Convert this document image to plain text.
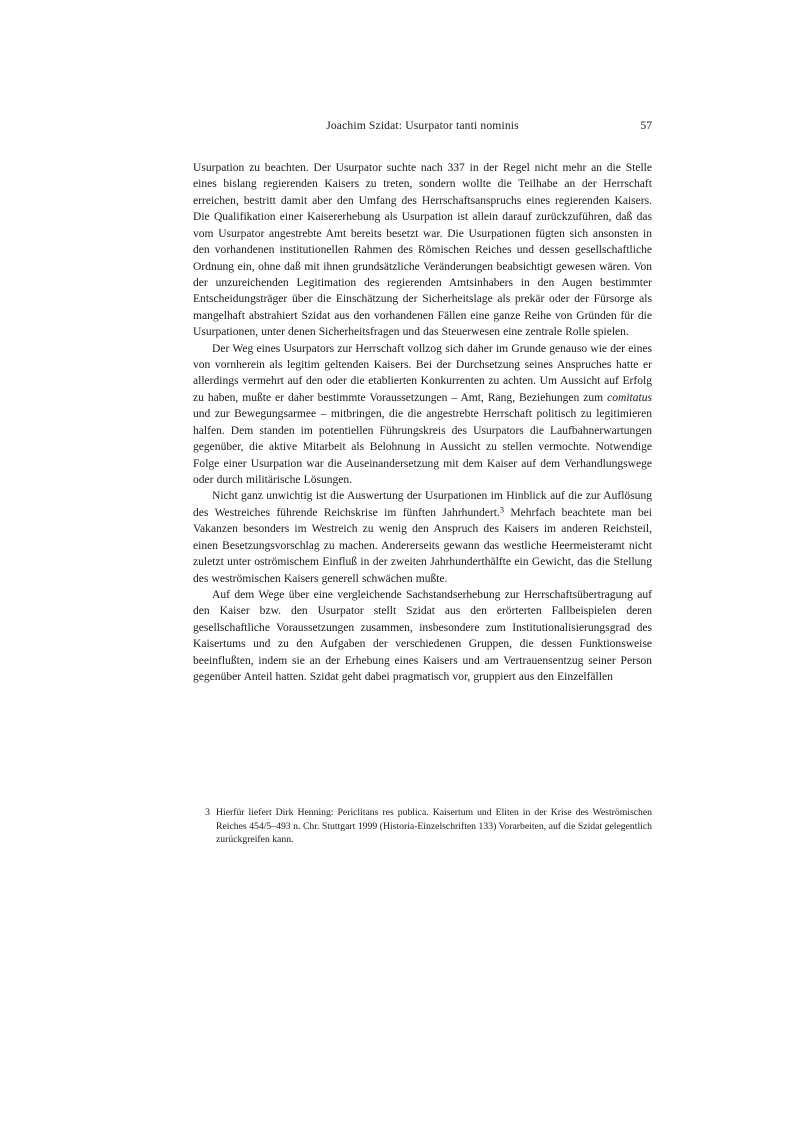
Joachim Szidat: Usurpator tanti nominis	57

Usurpation zu beachten. Der Usurpator suchte nach 337 in der Regel nicht mehr an die Stelle eines bislang regierenden Kaisers zu treten, sondern wollte die Teilhabe an der Herrschaft erreichen, bestritt damit aber den Umfang des Herrschaftsanspruchs eines regierenden Kaisers. Die Qualifikation einer Kaisererhebung als Usurpation ist allein darauf zurückzuführen, daß das vom Usurpator angestrebte Amt bereits besetzt war. Die Usurpationen fügten sich ansonsten in den vorhandenen institutionellen Rahmen des Römischen Reiches und dessen gesellschaftliche Ordnung ein, ohne daß mit ihnen grundsätzliche Veränderungen beabsichtigt gewesen wären. Von der unzureichenden Legitimation des regierenden Amtsinhabers in den Augen bestimmter Entscheidungsträger über die Einschätzung der Sicherheitslage als prekär oder der Fürsorge als mangelhaft abstrahiert Szidat aus den vorhandenen Fällen eine ganze Reihe von Gründen für die Usurpationen, unter denen Sicherheitsfragen und das Steuerwesen eine zentrale Rolle spielen.

Der Weg eines Usurpators zur Herrschaft vollzog sich daher im Grunde genauso wie der eines von vornherein als legitim geltenden Kaisers. Bei der Durchsetzung seines Anspruches hatte er allerdings vermehrt auf den oder die etablierten Konkurrenten zu achten. Um Aussicht auf Erfolg zu haben, mußte er daher bestimmte Voraussetzungen – Amt, Rang, Beziehungen zum comitatus und zur Bewegungsarmee – mitbringen, die die angestrebte Herrschaft politisch zu legitimieren halfen. Dem standen im potentiellen Führungskreis des Usurpators die Laufbahnerwartungen gegenüber, die aktive Mitarbeit als Belohnung in Aussicht zu stellen vermochte. Notwendige Folge einer Usurpation war die Auseinandersetzung mit dem Kaiser auf dem Verhandlungswege oder durch militärische Lösungen.

Nicht ganz unwichtig ist die Auswertung der Usurpationen im Hinblick auf die zur Auflösung des Westreiches führende Reichskrise im fünften Jahrhundert.$^3$ Mehrfach beachtete man bei Vakanzen besonders im Westreich zu wenig den Anspruch des Kaisers im anderen Reichsteil, einen Besetzungsvorschlag zu machen. Andererseits gewann das westliche Heermeisteramt nicht zuletzt unter oströmischem Einfluß in der zweiten Jahrhunderthälfte ein Gewicht, das die Stellung des weströmischen Kaisers generell schwächen mußte.

Auf dem Wege über eine vergleichende Sachstandserhebung zur Herrschaftsübertragung auf den Kaiser bzw. den Usurpator stellt Szidat aus den erörterten Fallbeispielen deren gesellschaftliche Voraussetzungen zusammen, insbesondere zum Institutionalisierungsgrad des Kaisertums und zu den Aufgaben der verschiedenen Gruppen, die dessen Funktionsweise beeinflußten, indem sie an der Erhebung eines Kaisers und am Vertrauensentzug seiner Person gegenüber Anteil hatten. Szidat geht dabei pragmatisch vor, gruppiert aus den Einzelfällen

3 Hierfür liefert Dirk Henning: Periclitans res publica. Kaisertum und Eliten in der Krise des Weströmischen Reiches 454/5–493 n. Chr. Stuttgart 1999 (Historia-Einzelschriften 133) Vorarbeiten, auf die Szidat gelegentlich zurückgreifen kann.
